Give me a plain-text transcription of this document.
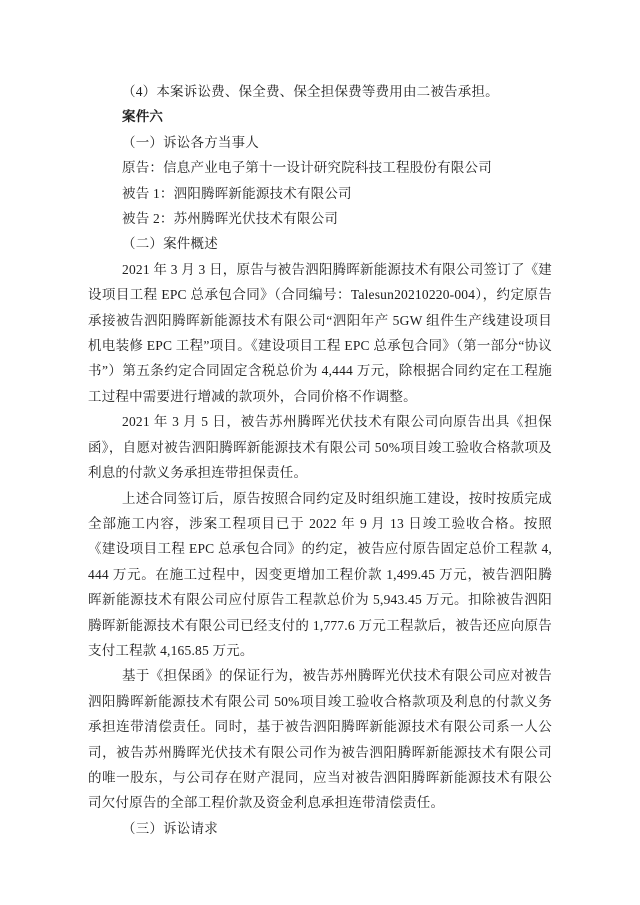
（4）本案诉讼费、保全费、保全担保费等费用由二被告承担。

案件六

（一）诉讼各方当事人

原告：信息产业电子第十一设计研究院科技工程股份有限公司

被告 1：泗阳腾晖新能源技术有限公司

被告 2：苏州腾晖光伏技术有限公司

（二）案件概述

2021 年 3 月 3 日，原告与被告泗阳腾晖新能源技术有限公司签订了《建设项目工程 EPC 总承包合同》（合同编号：Talesun20210220-004），约定原告承接被告泗阳腾晖新能源技术有限公司“泗阳年产 5GW 组件生产线建设项目机电装修 EPC 工程”项目。《建设项目工程 EPC 总承包合同》（第一部分“协议书”）第五条约定合同固定含税总价为 4,444 万元，除根据合同约定在工程施工过程中需要进行增减的款项外，合同价格不作调整。

2021 年 3 月 5 日，被告苏州腾晖光伏技术有限公司向原告出具《担保函》，自愿对被告泗阳腾晖新能源技术有限公司 50%项目竣工验收合格款项及利息的付款义务承担连带担保责任。

上述合同签订后，原告按照合同约定及时组织施工建设，按时按质完成全部施工内容，涉案工程项目已于 2022 年 9 月 13 日竣工验收合格。按照《建设项目工程 EPC 总承包合同》的约定，被告应付原告固定总价工程款 4,444 万元。在施工过程中，因变更增加工程价款 1,499.45 万元，被告泗阳腾晖新能源技术有限公司应付原告工程款总价为 5,943.45 万元。扣除被告泗阳腾晖新能源技术有限公司已经支付的 1,777.6 万元工程款后，被告还应向原告支付工程款 4,165.85 万元。

基于《担保函》的保证行为，被告苏州腾晖光伏技术有限公司应对被告泗阳腾晖新能源技术有限公司 50%项目竣工验收合格款项及利息的付款义务承担连带清偿责任。同时，基于被告泗阳腾晖新能源技术有限公司系一人公司，被告苏州腾晖光伏技术有限公司作为被告泗阳腾晖新能源技术有限公司的唯一股东，与公司存在财产混同，应当对被告泗阳腾晖新能源技术有限公司欠付原告的全部工程价款及资金利息承担连带清偿责任。

（三）诉讼请求
